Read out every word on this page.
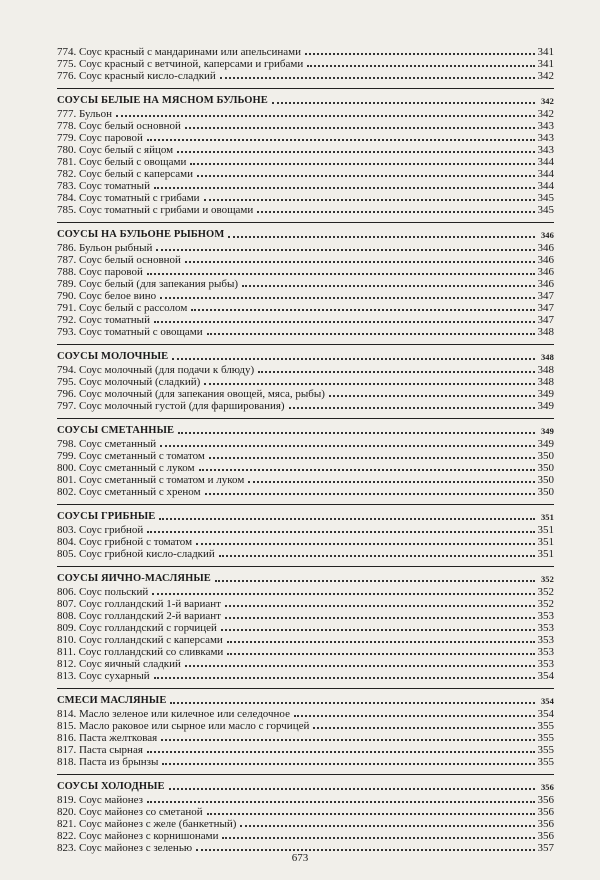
774. Соус красный с мандаринами или апельсинами	341
775. Соус красный с ветчиной, каперсами и грибами	341
776. Соус красный кисло-сладкий	342
СОУСЫ БЕЛЫЕ НА МЯСНОМ БУЛЬОНЕ	342
777. Бульон	342
778. Соус белый основной	343
779. Соус паровой	343
780. Соус белый с яйцом	343
781. Соус белый с овощами	344
782. Соус белый с каперсами	344
783. Соус томатный	344
784. Соус томатный с грибами	345
785. Соус томатный с грибами и овощами	345
СОУСЫ НА БУЛЬОНЕ РЫБНОМ	346
786. Бульон рыбный	346
787. Соус белый основной	346
788. Соус паровой	346
789. Соус белый (для запекания рыбы)	346
790. Соус белое вино	347
791. Соус белый с рассолом	347
792. Соус томатный	347
793. Соус томатный с овощами	348
СОУСЫ МОЛОЧНЫЕ	348
794. Соус молочный (для подачи к блюду)	348
795. Соус молочный (сладкий)	348
796. Соус молочный (для запекания овощей, мяса, рыбы)	349
797. Соус молочный густой (для фарширования)	349
СОУСЫ СМЕТАННЫЕ	349
798. Соус сметанный	349
799. Соус сметанный с томатом	350
800. Соус сметанный с луком	350
801. Соус сметанный с томатом и луком	350
802. Соус сметанный с хреном	350
СОУСЫ ГРИБНЫЕ	351
803. Соус грибной	351
804. Соус грибной с томатом	351
805. Соус грибной кисло-сладкий	351
СОУСЫ ЯИЧНО-МАСЛЯНЫЕ	352
806. Соус польский	352
807. Соус голландский 1-й вариант	352
808. Соус голландский 2-й вариант	353
809. Соус голландский с горчицей	353
810. Соус голландский с каперсами	353
811. Соус голландский со сливками	353
812. Соус яичный сладкий	353
813. Соус сухарный	354
СМЕСИ МАСЛЯНЫЕ	354
814. Масло зеленое или килечное или селедочное	354
815. Масло раковое или сырное или масло с горчицей	355
816. Паста желтковая	355
817. Паста сырная	355
818. Паста из брынзы	355
СОУСЫ ХОЛОДНЫЕ	356
819. Соус майонез	356
820. Соус майонез со сметаной	356
821. Соус майонез с желе (банкетный)	356
822. Соус майонез с корнишонами	356
823. Соус майонез с зеленью	357
673
